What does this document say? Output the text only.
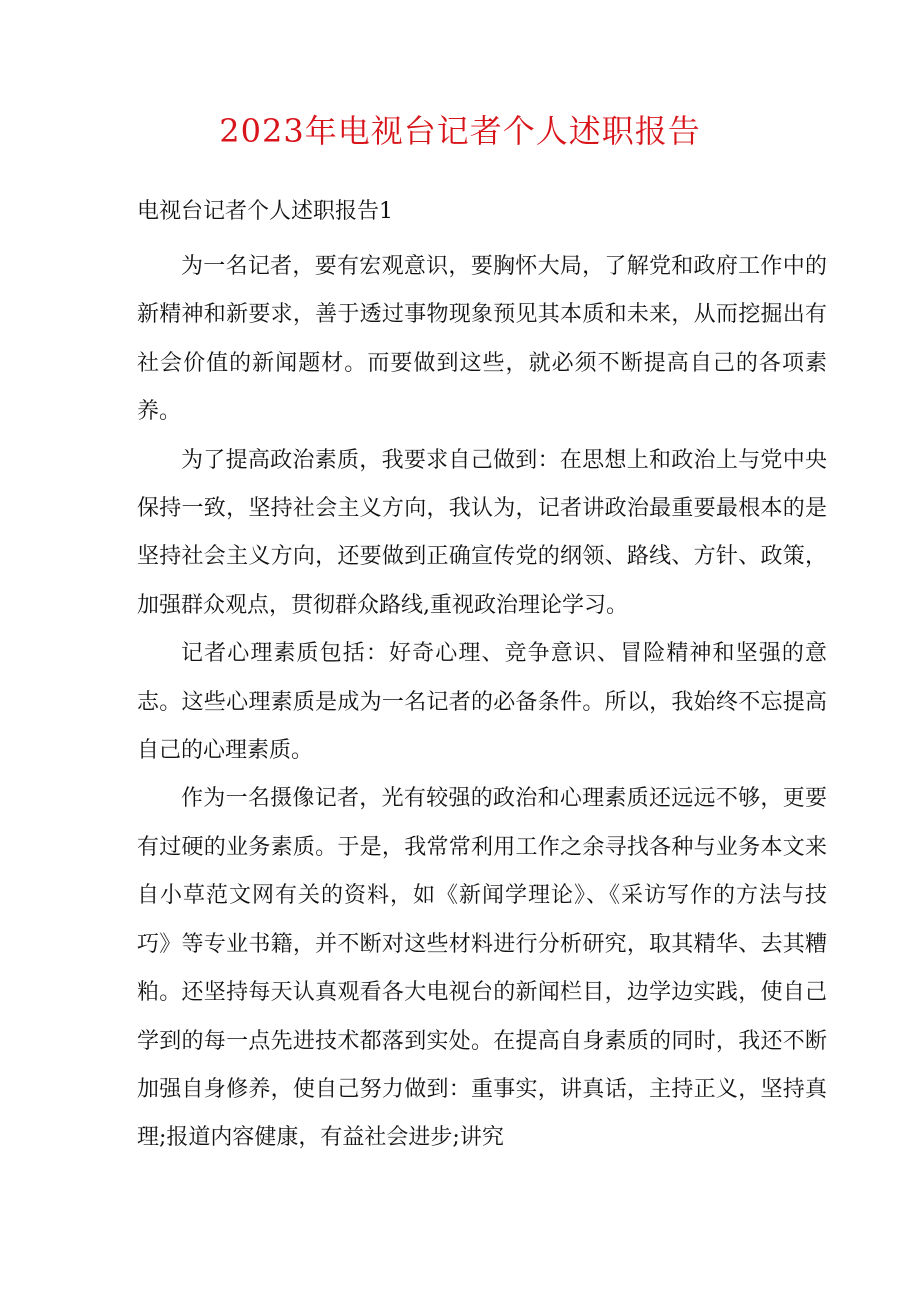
2023年电视台记者个人述职报告
电视台记者个人述职报告1

为一名记者，要有宏观意识，要胸怀大局，了解党和政府工作中的新精神和新要求，善于透过事物现象预见其本质和未来，从而挖掘出有社会价值的新闻题材。而要做到这些，就必须不断提高自己的各项素养。

为了提高政治素质，我要求自己做到：在思想上和政治上与党中央保持一致，坚持社会主义方向，我认为，记者讲政治最重要最根本的是坚持社会主义方向，还要做到正确宣传党的纲领、路线、方针、政策，加强群众观点，贯彻群众路线,重视政治理论学习。

记者心理素质包括：好奇心理、竞争意识、冒险精神和坚强的意志。这些心理素质是成为一名记者的必备条件。所以，我始终不忘提高自己的心理素质。

作为一名摄像记者，光有较强的政治和心理素质还远远不够，更要有过硬的业务素质。于是，我常常利用工作之余寻找各种与业务本文来自小草范文网有关的资料，如《新闻学理论》、《采访写作的方法与技巧》等专业书籍，并不断对这些材料进行分析研究，取其精华、去其糟粕。还坚持每天认真观看各大电视台的新闻栏目，边学边实践，使自己学到的每一点先进技术都落到实处。在提高自身素质的同时，我还不断加强自身修养，使自己努力做到：重事实，讲真话，主持正义，坚持真理;报道内容健康，有益社会进步;讲究
